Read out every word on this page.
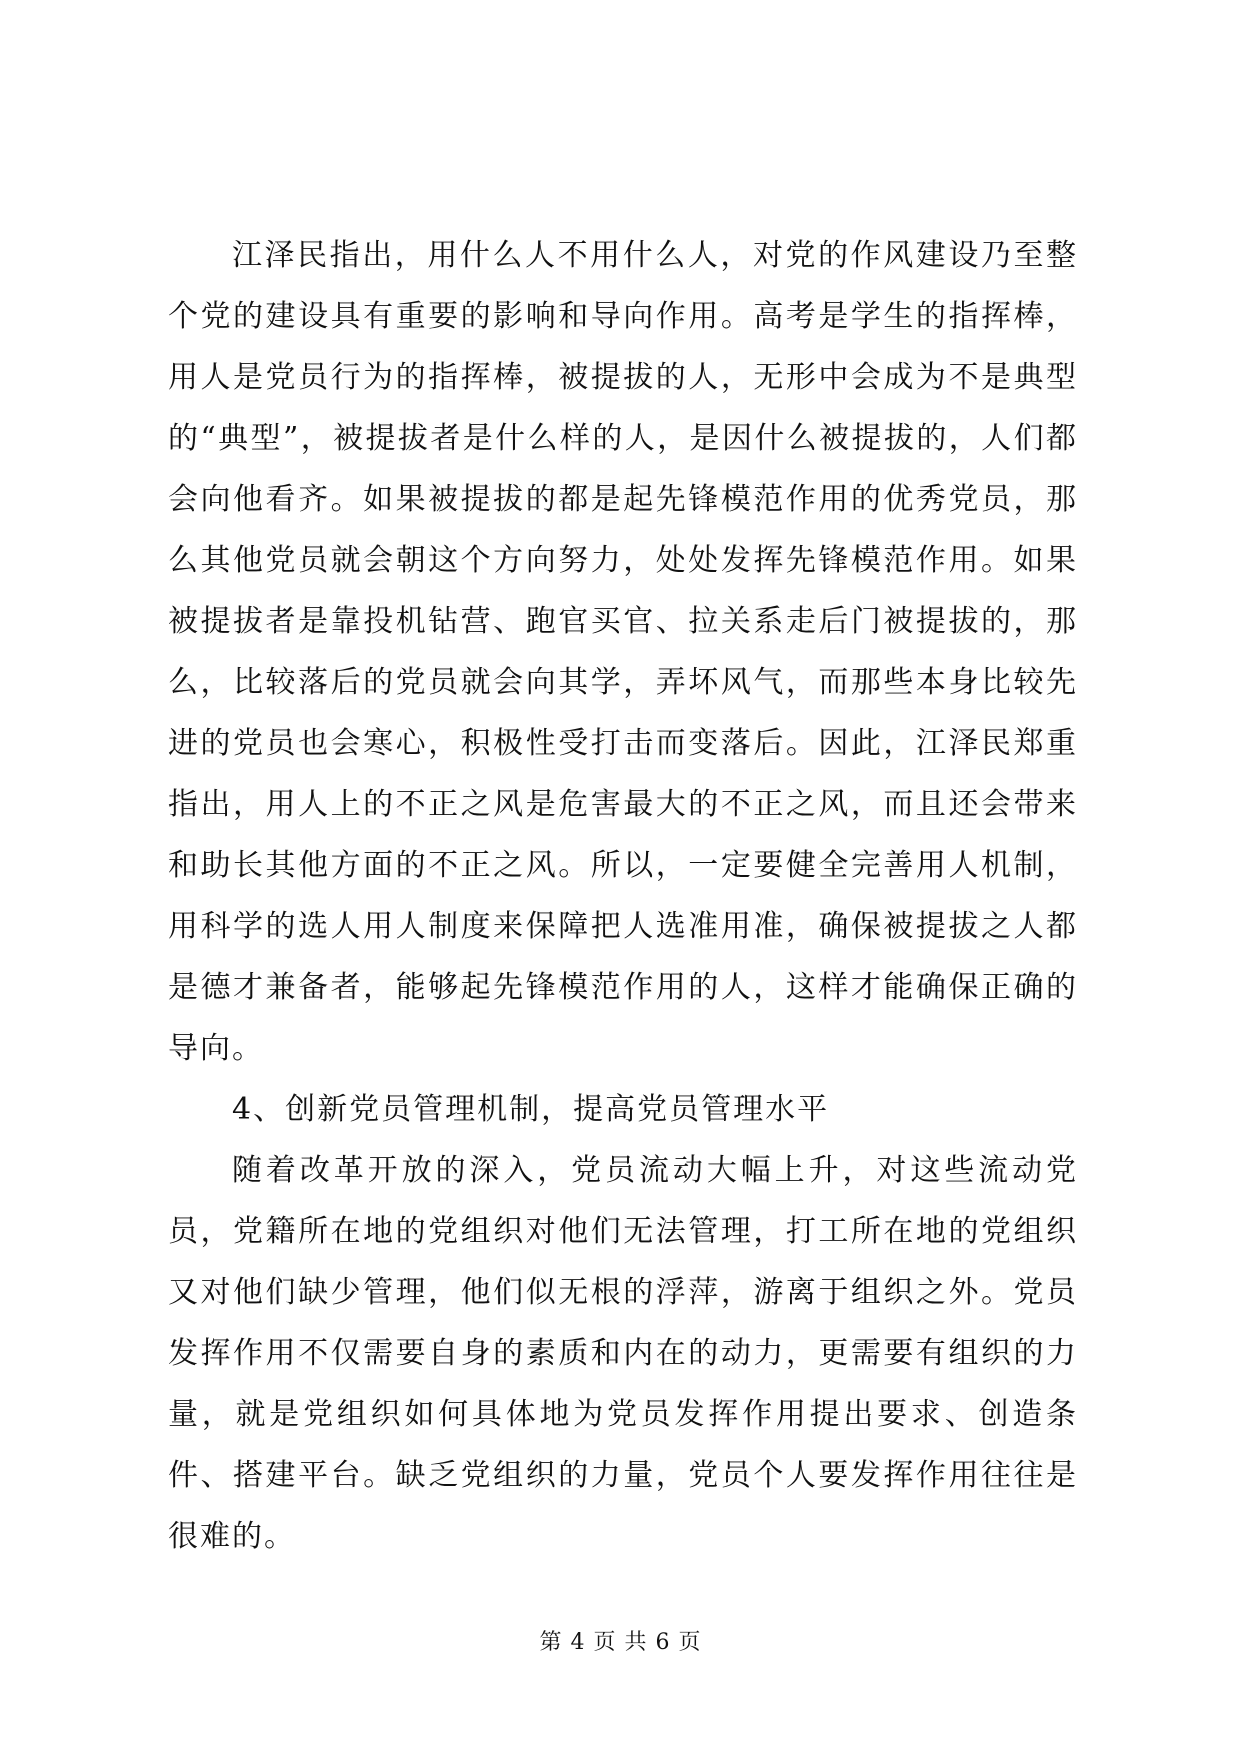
江泽民指出，用什么人不用什么人，对党的作风建设乃至整个党的建设具有重要的影响和导向作用。高考是学生的指挥棒，用人是党员行为的指挥棒，被提拔的人，无形中会成为不是典型的“典型”，被提拔者是什么样的人，是因什么被提拔的，人们都会向他看齐。如果被提拔的都是起先锋模范作用的优秀党员，那么其他党员就会朝这个方向努力，处处发挥先锋模范作用。如果被提拔者是靠投机钻营、跑官买官、拉关系走后门被提拔的，那么，比较落后的党员就会向其学，弄坏风气，而那些本身比较先进的党员也会寒心，积极性受打击而变落后。因此，江泽民郑重指出，用人上的不正之风是危害最大的不正之风，而且还会带来和助长其他方面的不正之风。所以，一定要健全完善用人机制，用科学的选人用人制度来保障把人选准用准，确保被提拔之人都是德才兼备者，能够起先锋模范作用的人，这样才能确保正确的导向。

4、创新党员管理机制，提高党员管理水平

随着改革开放的深入，党员流动大幅上升，对这些流动党员，党籍所在地的党组织对他们无法管理，打工所在地的党组织又对他们缺少管理，他们似无根的浮萍，游离于组织之外。党员发挥作用不仅需要自身的素质和内在的动力，更需要有组织的力量，就是党组织如何具体地为党员发挥作用提出要求、创造条件、搭建平台。缺乏党组织的力量，党员个人要发挥作用往往是很难的。

第 4 页 共 6 页
